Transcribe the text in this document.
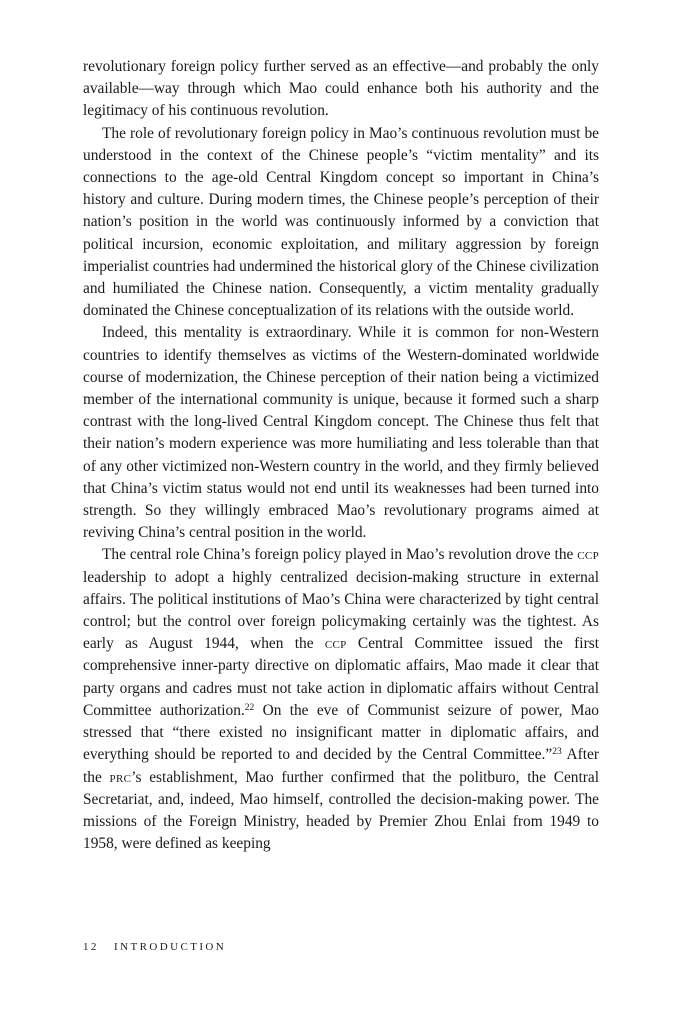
revolutionary foreign policy further served as an effective—and probably the only available—way through which Mao could enhance both his authority and the legitimacy of his continuous revolution.

The role of revolutionary foreign policy in Mao’s continuous revolution must be understood in the context of the Chinese people’s “victim mentality” and its connections to the age-old Central Kingdom concept so important in China’s history and culture. During modern times, the Chinese people’s perception of their nation’s position in the world was continuously informed by a conviction that political incursion, economic exploitation, and military aggression by foreign imperialist countries had undermined the historical glory of the Chinese civilization and humiliated the Chinese nation. Consequently, a victim mentality gradually dominated the Chinese conceptualization of its relations with the outside world.

Indeed, this mentality is extraordinary. While it is common for non-Western countries to identify themselves as victims of the Western-dominated worldwide course of modernization, the Chinese perception of their nation being a victimized member of the international community is unique, because it formed such a sharp contrast with the long-lived Central Kingdom concept. The Chinese thus felt that their nation’s modern experience was more humiliating and less tolerable than that of any other victimized non-Western country in the world, and they firmly believed that China’s victim status would not end until its weaknesses had been turned into strength. So they willingly embraced Mao’s revolutionary programs aimed at reviving China’s central position in the world.

The central role China’s foreign policy played in Mao’s revolution drove the ccp leadership to adopt a highly centralized decision-making structure in external affairs. The political institutions of Mao’s China were characterized by tight central control; but the control over foreign policymaking certainly was the tightest. As early as August 1944, when the ccp Central Committee issued the first comprehensive inner-party directive on diplomatic affairs, Mao made it clear that party organs and cadres must not take action in diplomatic affairs without Central Committee authorization.$^{22}$ On the eve of Communist seizure of power, Mao stressed that “there existed no insignificant matter in diplomatic affairs, and everything should be reported to and decided by the Central Committee.”$^{23}$ After the prc’s establishment, Mao further confirmed that the politburo, the Central Secretariat, and, indeed, Mao himself, controlled the decision-making power. The missions of the Foreign Ministry, headed by Premier Zhou Enlai from 1949 to 1958, were defined as keeping

12 INTRODUCTION
